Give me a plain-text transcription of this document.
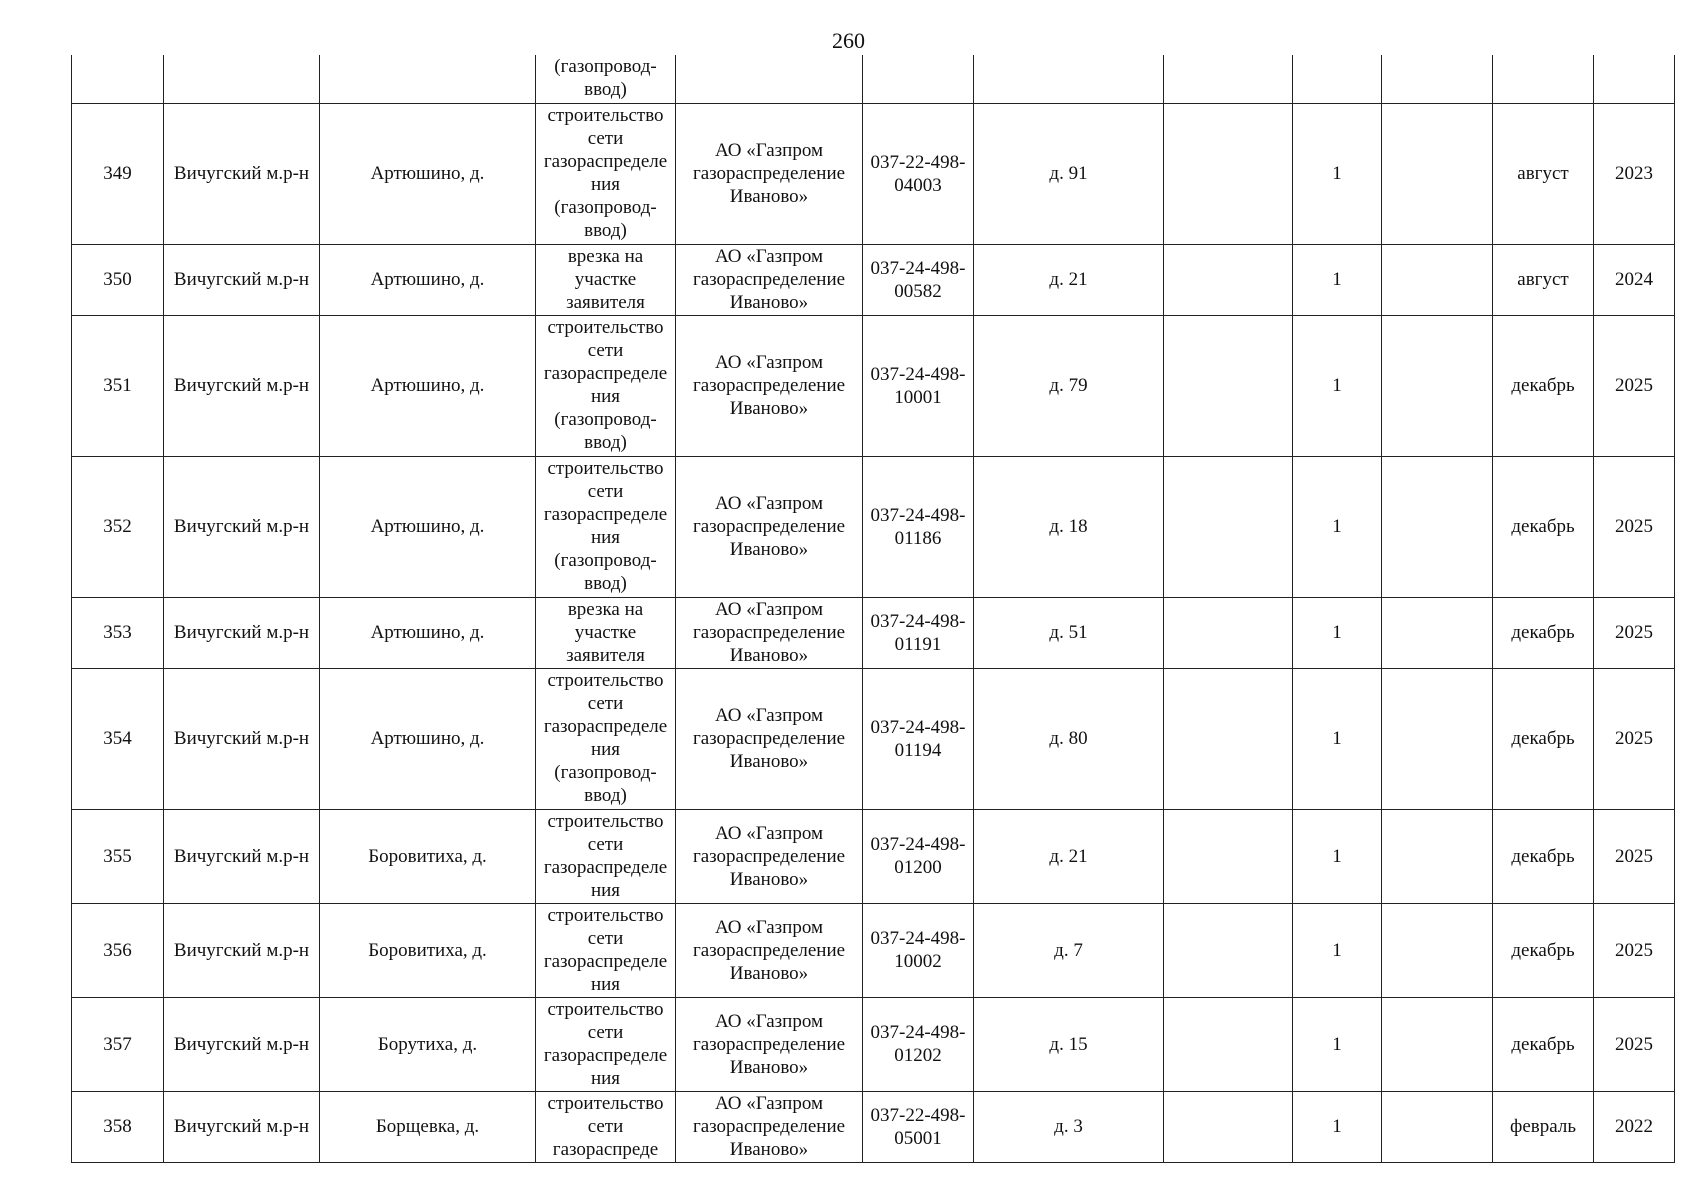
260
			(газопровод-ввод)								
349	Вичугский м.р-н	Артюшино, д.	строительство сети газораспределения (газопровод-ввод)	АО «Газпром газораспределение Иваново»	037-22-498-04003	д. 91		1		август	2023
350	Вичугский м.р-н	Артюшино, д.	врезка на участке заявителя	АО «Газпром газораспределение Иваново»	037-24-498-00582	д. 21		1		август	2024
351	Вичугский м.р-н	Артюшино, д.	строительство сети газораспределения (газопровод-ввод)	АО «Газпром газораспределение Иваново»	037-24-498-10001	д. 79		1		декабрь	2025
352	Вичугский м.р-н	Артюшино, д.	строительство сети газораспределения (газопровод-ввод)	АО «Газпром газораспределение Иваново»	037-24-498-01186	д. 18		1		декабрь	2025
353	Вичугский м.р-н	Артюшино, д.	врезка на участке заявителя	АО «Газпром газораспределение Иваново»	037-24-498-01191	д. 51		1		декабрь	2025
354	Вичугский м.р-н	Артюшино, д.	строительство сети газораспределения (газопровод-ввод)	АО «Газпром газораспределение Иваново»	037-24-498-01194	д. 80		1		декабрь	2025
355	Вичугский м.р-н	Боровитиха, д.	строительство сети газораспределения	АО «Газпром газораспределение Иваново»	037-24-498-01200	д. 21		1		декабрь	2025
356	Вичугский м.р-н	Боровитиха, д.	строительство сети газораспределения	АО «Газпром газораспределение Иваново»	037-24-498-10002	д. 7		1		декабрь	2025
357	Вичугский м.р-н	Борутиха, д.	строительство сети газораспределения	АО «Газпром газораспределение Иваново»	037-24-498-01202	д. 15		1		декабрь	2025
358	Вичугский м.р-н	Борщевка, д.	строительство сети газораспреде	АО «Газпром газораспределение Иваново»	037-22-498-05001	д. 3		1		февраль	2022
